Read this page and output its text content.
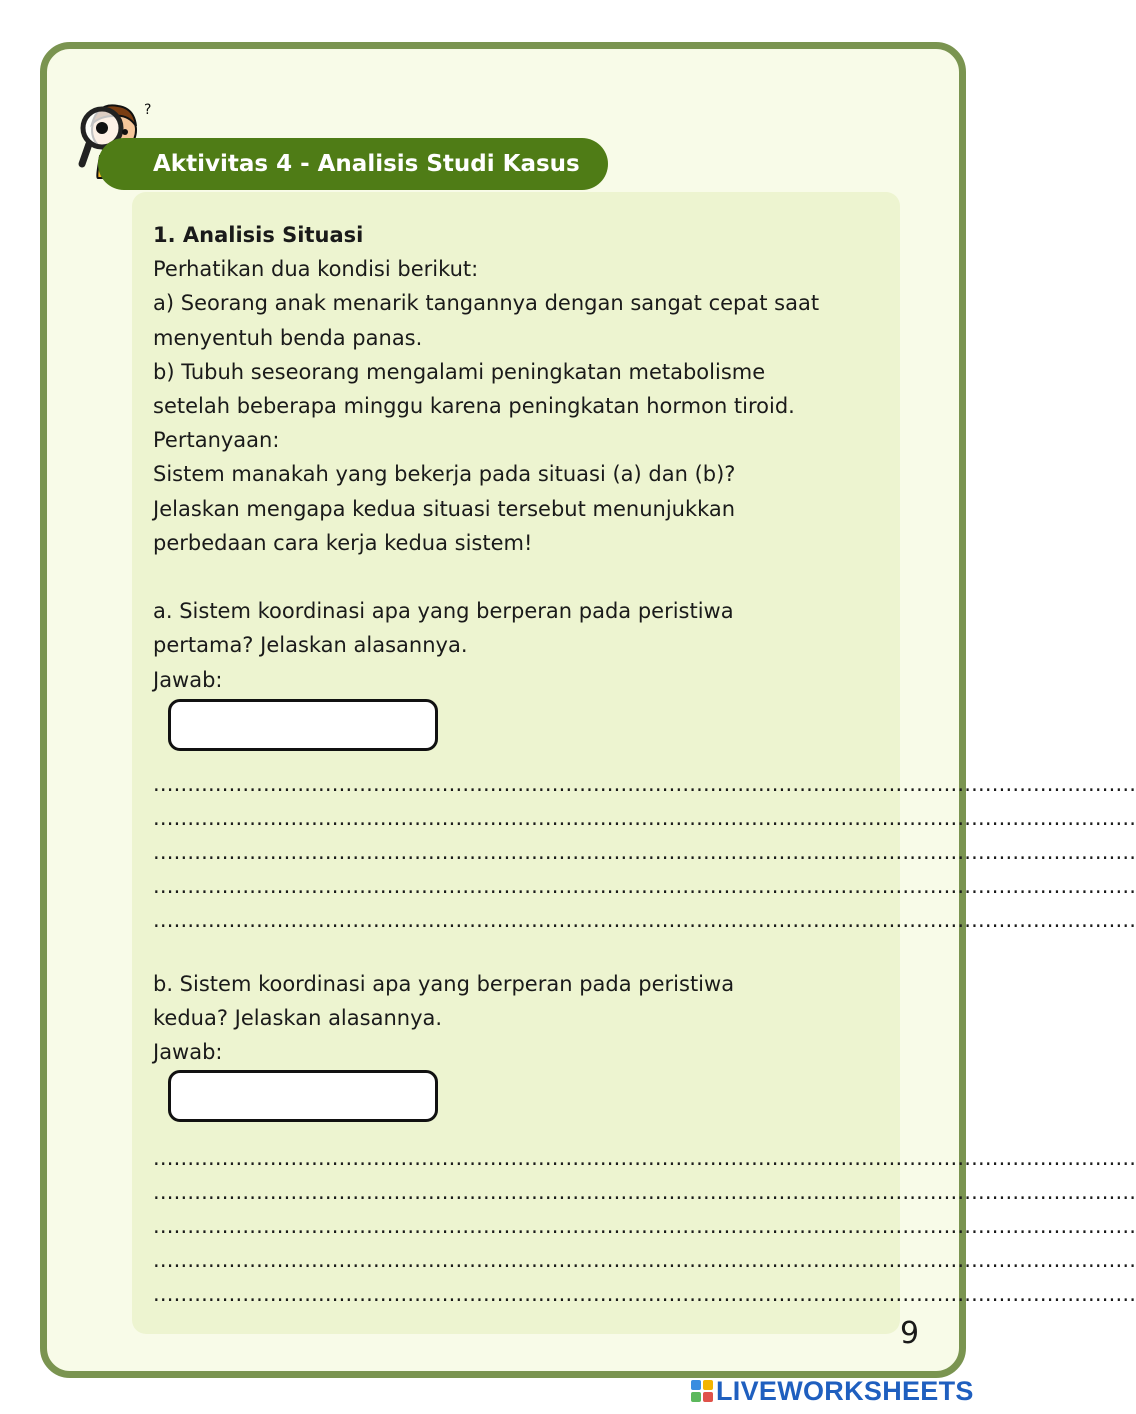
?
Aktivitas 4 - Analisis Studi Kasus
1. Analisis Situasi
Perhatikan dua kondisi berikut:
a) Seorang anak menarik tangannya dengan sangat cepat saat
menyentuh benda panas.
b) Tubuh seseorang mengalami peningkatan metabolisme
setelah beberapa minggu karena peningkatan hormon tiroid.
Pertanyaan:
Sistem manakah yang bekerja pada situasi (a) dan (b)?
Jelaskan mengapa kedua situasi tersebut menunjukkan
perbedaan cara kerja kedua sistem!
a. Sistem koordinasi apa yang berperan pada peristiwa
pertama? Jelaskan alasannya.
Jawab:
...............................................................................................................................................
...............................................................................................................................................
...............................................................................................................................................
...............................................................................................................................................
...............................................................................................................................................
b. Sistem koordinasi apa yang berperan pada peristiwa
kedua? Jelaskan alasannya.
Jawab:
...............................................................................................................................................
...............................................................................................................................................
...............................................................................................................................................
...............................................................................................................................................
...............................................................................................................................................
9
LIVEWORKSHEETS
